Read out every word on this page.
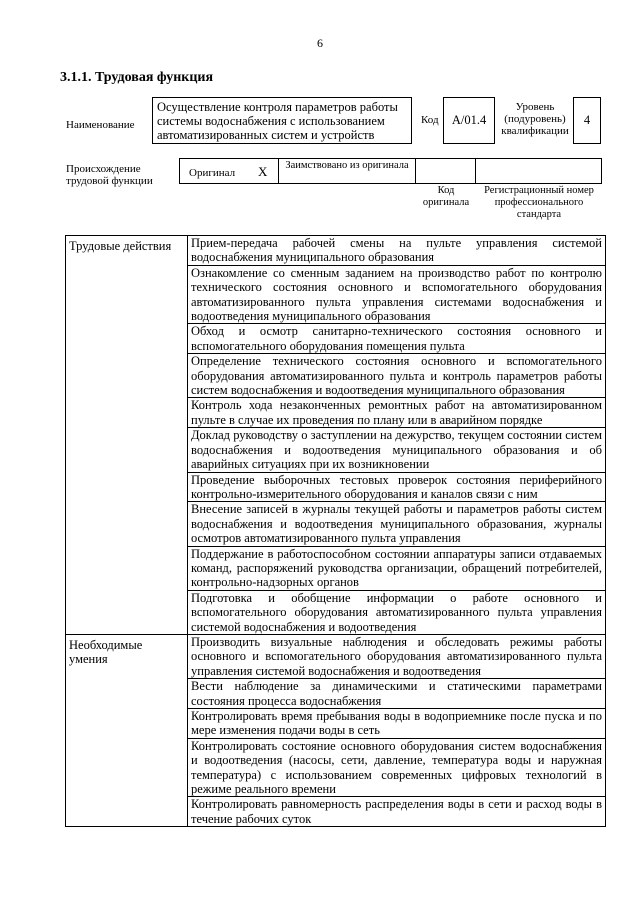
6
3.1.1. Трудовая функция
Наименование
Осуществление контроля параметров работы системы водоснабжения с использованием автоматизированных систем и устройств
Код	A/01.4
Уровень (подуровень) квалификации
4
Происхождение трудовой функции
Оригинал X	Заимствовано из оригинала
Код оригинала
Регистрационный номер профессионального стандарта
Трудовые действия	Прием-передача рабочей смены на пульте управления системой водоснабжения муниципального образования
	Ознакомление со сменным заданием на производство работ по контролю технического состояния основного и вспомогательного оборудования автоматизированного пульта управления системами водоснабжения и водоотведения муниципального образования
	Обход и осмотр санитарно-технического состояния основного и вспомогательного оборудования помещения пульта
	Определение технического состояния основного и вспомогательного оборудования автоматизированного пульта и контроль параметров работы систем водоснабжения и водоотведения муниципального образования
	Контроль хода незаконченных ремонтных работ на автоматизированном пульте в случае их проведения по плану или в аварийном порядке
	Доклад руководству о заступлении на дежурство, текущем состоянии систем водоснабжения и водоотведения муниципального образования и об аварийных ситуациях при их возникновении
	Проведение выборочных тестовых проверок состояния периферийного контрольно-измерительного оборудования и каналов связи с ним
	Внесение записей в журналы текущей работы и параметров работы систем водоснабжения и водоотведения муниципального образования, журналы осмотров автоматизированного пульта управления
	Поддержание в работоспособном состоянии аппаратуры записи отдаваемых команд, распоряжений руководства организации, обращений потребителей, контрольно-надзорных органов
	Подготовка и обобщение информации о работе основного и вспомогательного оборудования автоматизированного пульта управления системой водоснабжения и водоотведения
Необходимые умения	Производить визуальные наблюдения и обследовать режимы работы основного и вспомогательного оборудования автоматизированного пульта управления системой водоснабжения и водоотведения
	Вести наблюдение за динамическими и статическими параметрами состояния процесса водоснабжения
	Контролировать время пребывания воды в водоприемнике после пуска и по мере изменения подачи воды в сеть
	Контролировать состояние основного оборудования систем водоснабжения и водоотведения (насосы, сети, давление, температура воды и наружная температура) с использованием современных цифровых технологий в режиме реального времени
	Контролировать равномерность распределения воды в сети и расход воды в течение рабочих суток
